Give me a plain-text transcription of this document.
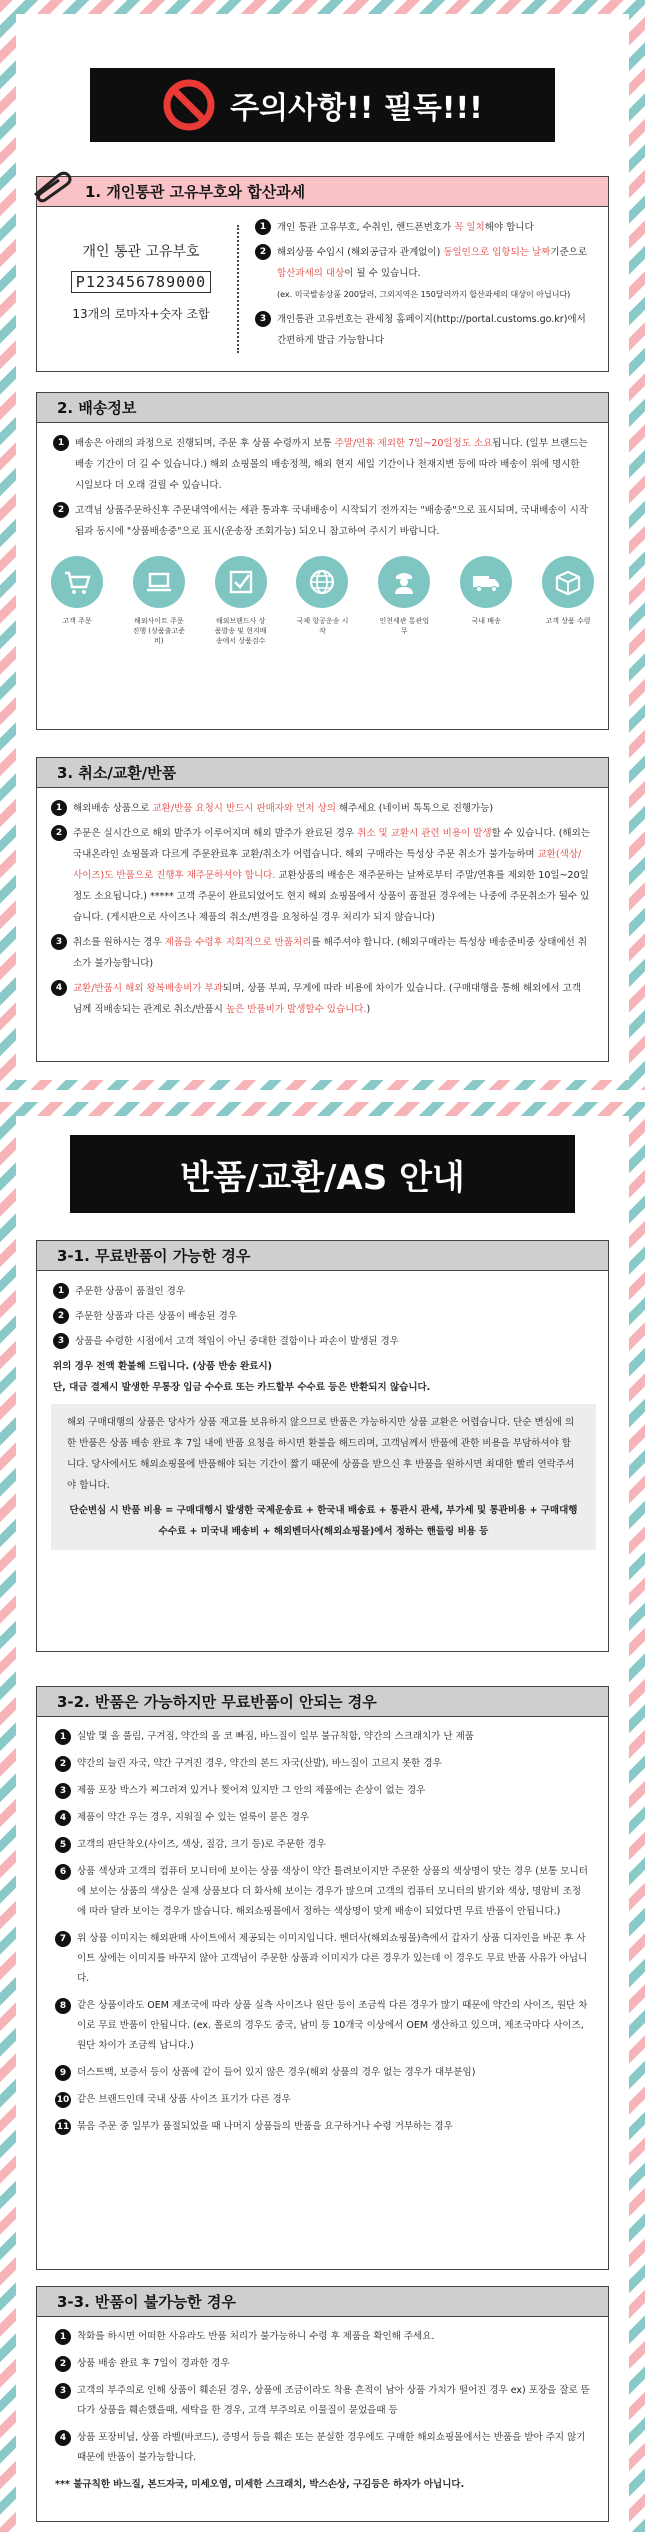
주의사항!! 필독!!!
1. 개인통관 고유부호와 합산과세
개인 통관 고유부호
P123456789000
13개의 로마자+숫자 조합
1	개인 통관 고유부호, 수취인, 핸드폰번호가 꼭 일치해야 합니다
2	해외상품 수입시 (해외공급자 관계없이) 동일인으로 입항되는 날짜기준으로 합산과세의 대상이 될 수 있습니다.
(ex. 미국발송상품 200달러, 그외지역은 150달러까지 합산과세의 대상이 아닙니다)
3	개인통관 고유번호는 관세청 홈페이지(http://portal.customs.go.kr)에서 간편하게 발급 가능합니다
2. 배송정보
1	배송은 아래의 과정으로 진행되며, 주문 후 상품 수령까지 보통 주말/연휴 제외한 7일~20일정도 소요됩니다. (일부 브랜드는 배송 기간이 더 길 수 있습니다.) 해외 쇼핑몰의 배송정책, 해외 현지 세일 기간이나 천재지변 등에 따라 배송이 위에 명시한 시일보다 더 오래 걸릴 수 있습니다.
2	고객님 상품주문하신후 주문내역에서는 세관 통과후 국내배송이 시작되기 전까지는 "배송중"으로 표시되며, 국내배송이 시작됨과 동시에 "상품배송중"으로 표시(운송장 조회가능) 되오니 참고하여 주시기 바랍니다.
고객 주문	해외사이트 주문진행 (상품출고준비)
해외브랜드사 상품발송 및 현지배송에서 상품검수
국제 항공운송 시작
인천세관 통관업무
국내 배송	고객 상품 수령
3. 취소/교환/반품
1	해외배송 상품으로 교환/반품 요청시 반드시 판매자와 먼저 상의 해주세요 (네이버 톡톡으로 진행가능)
2	주문은 실시간으로 해외 발주가 이루어지며 해외 발주가 완료된 경우 취소 및 교환시 관련 비용이 발생할 수 있습니다. (해외는 국내온라인 쇼핑몰과 다르게 주문완료후 교환/취소가 어렵습니다. 해외 구매라는 특성상 주문 취소가 불가능하며 교환(색상/사이즈)도 반품으로 진행후 재주문하셔야 합니다. 교환상품의 배송은 재주문하는 날짜로부터 주말/연휴를 제외한 10일~20일정도 소요됩니다.) ***** 고객 주문이 완료되었어도 현지 해외 쇼핑몰에서 상품이 품절된 경우에는 나중에 주문취소가 될수 있습니다. (게시판으로 사이즈나 제품의 취소/변경을 요청하실 경우 처리가 되지 않습니다)
3	취소를 원하시는 경우 제품을 수령후 지회적으로 반품처리를 해주셔야 합니다. (해외구매라는 특성상 배송준비중 상태에선 취소가 불가능합니다)
4	교환/반품시 해외 왕복배송비가 부과되며, 상품 부피, 무게에 따라 비용에 차이가 있습니다. (구매대행을 통해 해외에서 고객님께 직배송되는 관계로 취소/반품시 높은 반품비가 발생할수 있습니다.)
반품/교환/AS 안내
3-1. 무료반품이 가능한 경우
1	주문한 상품이 품절인 경우
2	주문한 상품과 다른 상품이 배송된 경우
3	상품을 수령한 시점에서 고객 책임이 아닌 중대한 결함이나 파손이 발생된 경우
위의 경우 전액 환불해 드립니다. (상품 반송 완료시)
단, 대금 결제시 발생한 무통장 입금 수수료 또는 카드할부 수수료 등은 반환되지 않습니다.
해외 구매대행의 상품은 당사가 상품 재고를 보유하지 않으므로 반품은 가능하지만 상품 교환은 어렵습니다. 단순 변심에 의한 반품은 상품 배송 완료 후 7일 내에 반품 요청을 하시면 환불을 해드리며, 고객님께서 반품에 관한 비용을 부담하셔야 합니다. 당사에서도 해외쇼핑몰에 반품해야 되는 기간이 짧기 때문에 상품을 받으신 후 반품을 원하시면 최대한 빨리 연락주셔야 합니다.
단순변심 시 반품 비용 = 구매대행시 발생한 국제운송료 + 한국내 배송료 + 통관시 관세, 부가세 및 통관비용 + 구매대행 수수료 + 미국내 배송비 + 해외벤더사(해외쇼핑몰)에서 정하는 핸들링 비용 등
3-2. 반품은 가능하지만 무료반품이 안되는 경우
1	실밥 몇 올 풀림, 구겨짐, 약간의 올 코 빠짐, 바느질이 일부 불규칙함, 약간의 스크래치가 난 제품
2	약간의 늘린 자국, 약간 구겨진 경우, 약간의 본드 자국(산발), 바느질이 고르지 못한 경우
3	제품 포장 박스가 찌그러져 있거나 찢어져 있지만 그 안의 제품에는 손상이 없는 경우
4	제품이 약간 우는 경우, 지워질 수 있는 얼룩이 묻은 경우
5	고객의 판단착오(사이즈, 색상, 질감, 크기 등)로 주문한 경우
6	상품 색상과 고객의 컴퓨터 모니터에 보이는 상품 색상이 약간 틀려보이지만 주문한 상품의 색상명이 맞는 경우 (보통 모니터에 보이는 상품의 색상은 실제 상품보다 더 화사해 보이는 경우가 많으며 고객의 컴퓨터 모니터의 밝기와 색상, 명암비 조정에 따라 달라 보이는 경우가 많습니다. 해외쇼핑몰에서 정하는 색상명이 맞게 배송이 되었다면 무료 반품이 안됩니다.)
7	위 상품 이미지는 해외판매 사이트에서 제공되는 이미지입니다. 벤더사(해외쇼핑몰)측에서 갑자기 상품 디자인을 바꾼 후 사이트 상에는 이미지를 바꾸지 않아 고객님이 주문한 상품과 이미지가 다른 경우가 있는데 이 경우도 무료 반품 사유가 아닙니다.
8	같은 상품이라도 OEM 제조국에 따라 상품 실측 사이즈나 원단 등이 조금씩 다른 경우가 많기 때문에 약간의 사이즈, 원단 차이로 무료 반품이 안됩니다. (ex. 폴로의 경우도 중국, 남미 등 10개국 이상에서 OEM 생산하고 있으며, 제조국마다 사이즈, 원단 차이가 조금씩 납니다.)
9	더스트백, 보증서 등이 상품에 같이 들어 있지 않은 경우(해외 상품의 경우 없는 경우가 대부분임)
10 같은 브랜드인데 국내 상품 사이즈 표기가 다른 경우
11 묶음 주문 중 일부가 품절되었을 때 나머지 상품들의 반품을 요구하거나 수령 거부하는 경우
3-3. 반품이 불가능한 경우
1	착화를 하시면 어떠한 사유라도 반품 처리가 불가능하니 수령 후 제품을 확인해 주세요.
2	상품 배송 완료 후 7일이 경과한 경우
3	고객의 부주의로 인해 상품이 훼손된 경우, 상품에 조금이라도 착용 흔적이 남아 상품 가치가 떨어진 경우 ex) 포장을 잘로 뜯다가 상품을 훼손했을때, 세탁을 한 경우, 고객 부주의로 이물질이 묻었을때 등
4	상품 포장비닐, 상품 라벨(바코드), 증명서 등을 훼손 또는 분실한 경우에도 구매한 해외쇼핑몰에서는 반품을 받아 주지 않기 때문에 반품이 불가능합니다.
*** 불규칙한 바느질, 본드자국, 미세오염, 미세한 스크래치, 박스손상, 구김등은 하자가 아닙니다.
